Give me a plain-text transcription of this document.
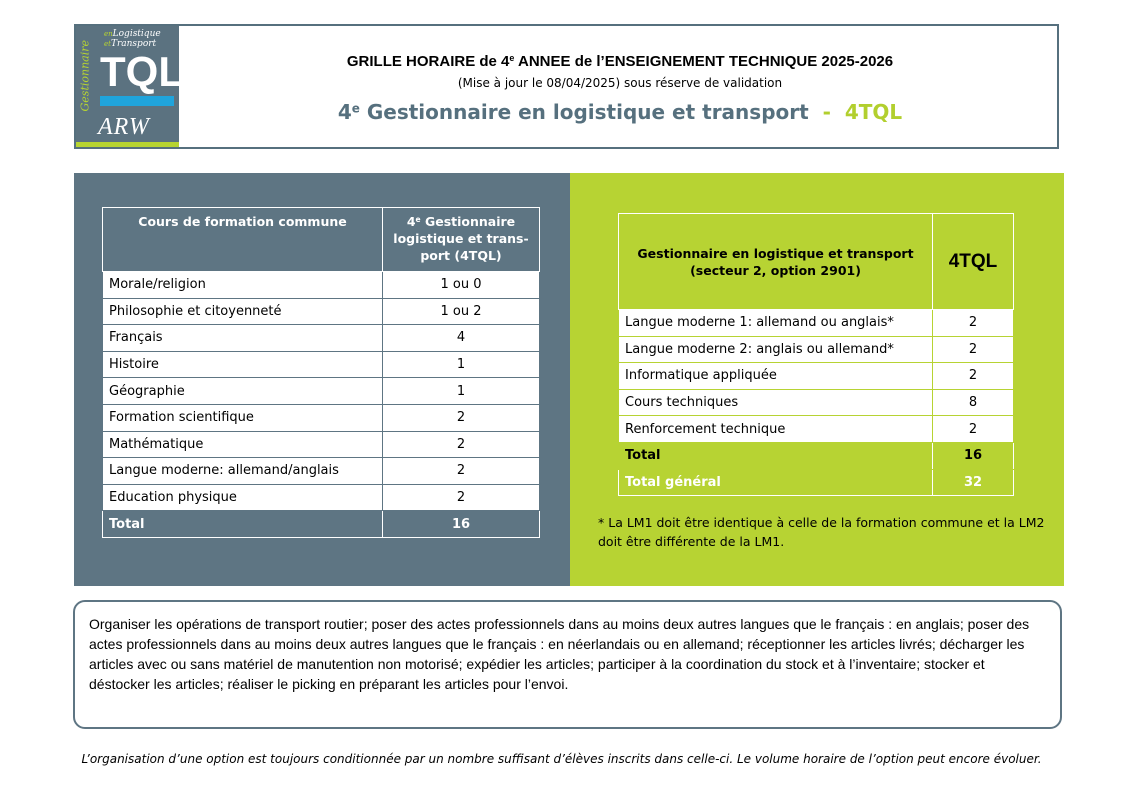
Gestionnaire
enLogistique
etTransport
TQL
ARW
GRILLE HORAIRE de 4e ANNEE de l’ENSEIGNEMENT TECHNIQUE 2025-2026
(Mise à jour le 08/04/2025) sous réserve de validation
4e Gestionnaire en logistique et transport  -  4TQL
Cours de formation commune	4e Gestionnaire logistique et trans-port (4TQL)
Morale/religion	1 ou 0
Philosophie et citoyenneté	1 ou 2
Français	4
Histoire	1
Géographie	1
Formation scientifique	2
Mathématique	2
Langue moderne: allemand/anglais	2
Education physique	2
Total	16
Gestionnaire en logistique et transport (secteur 2, option 2901)	4TQL
Langue moderne 1: allemand ou anglais*	2
Langue moderne 2: anglais ou allemand*	2
Informatique appliquée	2
Cours techniques	8
Renforcement technique	2
Total	16
Total général	32
* La LM1 doit être identique à celle de la formation commune et la LM2 doit être différente de la LM1.
Organiser les opérations de transport routier; poser des actes professionnels dans au moins deux autres langues que le français : en anglais; poser des actes professionnels dans au moins deux autres langues que le français : en néerlandais ou en allemand; réceptionner les articles livrés; décharger les articles avec ou sans matériel de manutention non motorisé; expédier les articles; participer à la coordination du stock et à l’inventaire; stocker et déstocker les articles; réaliser le picking en préparant les articles pour l’envoi.
L’organisation d’une option est toujours conditionnée par un nombre suffisant d’élèves inscrits dans celle-ci. Le volume horaire de l’option peut encore évoluer.
